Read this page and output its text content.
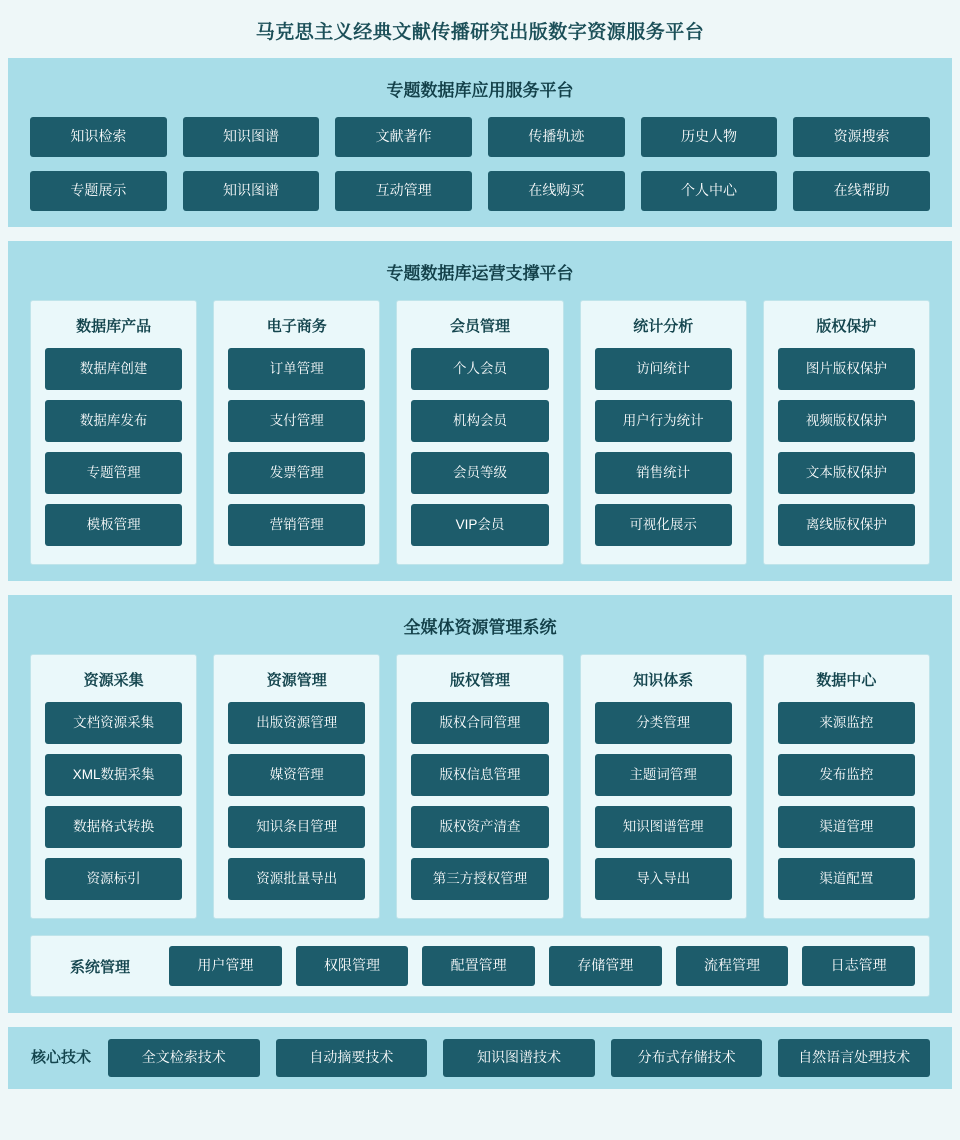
马克思主义经典文献传播研究出版数字资源服务平台
专题数据库应用服务平台
知识检索	知识图谱	文献著作	传播轨迹	历史人物	资源搜索
专题展示	知识图谱	互动管理	在线购买	个人中心	在线帮助
专题数据库运营支撑平台
数据库产品
数据库创建
数据库发布
专题管理
模板管理
电子商务
订单管理
支付管理
发票管理
营销管理
会员管理
个人会员
机构会员
会员等级
VIP会员
统计分析
访问统计
用户行为统计
销售统计
可视化展示
版权保护
图片版权保护
视频版权保护
文本版权保护
离线版权保护
全媒体资源管理系统
资源采集
文档资源采集
XML数据采集
数据格式转换
资源标引
资源管理
出版资源管理
媒资管理
知识条目管理
资源批量导出
版权管理
版权合同管理
版权信息管理
版权资产清查
第三方授权管理
知识体系
分类管理
主题词管理
知识图谱管理
导入导出
数据中心
来源监控
发布监控
渠道管理
渠道配置
系统管理	用户管理	权限管理	配置管理	存储管理	流程管理	日志管理
核心技术	全文检索技术	自动摘要技术	知识图谱技术	分布式存储技术	自然语言处理技术
